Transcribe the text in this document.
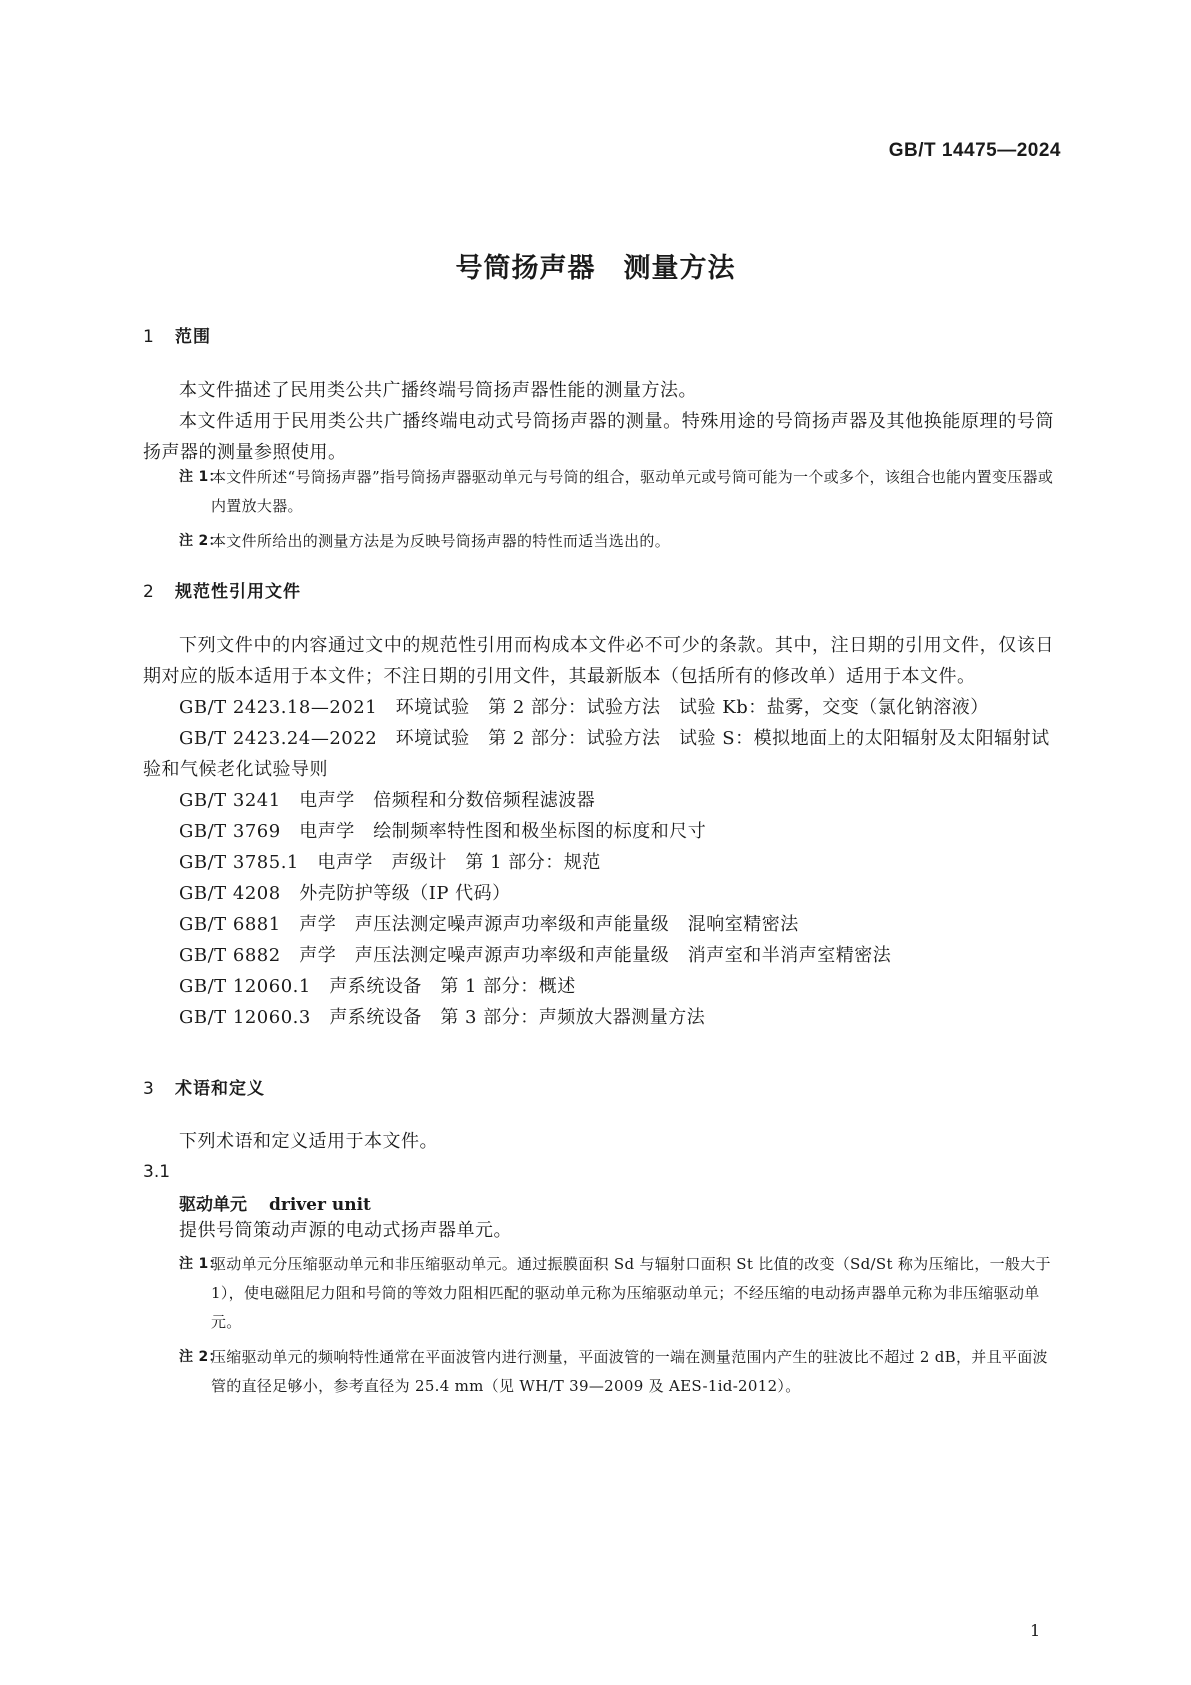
GB/T 14475—2024
号筒扬声器　测量方法
1 范围

本文件描述了民用类公共广播终端号筒扬声器性能的测量方法。

本文件适用于民用类公共广播终端电动式号筒扬声器的测量。特殊用途的号筒扬声器及其他换能原理的号筒扬声器的测量参照使用。

注 1：
本文件所述“号筒扬声器”指号筒扬声器驱动单元与号筒的组合，驱动单元或号筒可能为一个或多个，该组合也能内置变压器或内置放大器。
注 2：
本文件所给出的测量方法是为反映号筒扬声器的特性而适当选出的。
2 规范性引用文件

下列文件中的内容通过文中的规范性引用而构成本文件必不可少的条款。其中，注日期的引用文件，仅该日期对应的版本适用于本文件；不注日期的引用文件，其最新版本（包括所有的修改单）适用于本文件。

GB/T 2423.18—2021　环境试验　第 2 部分：试验方法　试验 Kb：盐雾，交变（氯化钠溶液）

GB/T 2423.24—2022　环境试验　第 2 部分：试验方法　试验 S：模拟地面上的太阳辐射及太阳辐射试验和气候老化试验导则

GB/T 3241　电声学　倍频程和分数倍频程滤波器

GB/T 3769　电声学　绘制频率特性图和极坐标图的标度和尺寸

GB/T 3785.1　电声学　声级计　第 1 部分：规范

GB/T 4208　外壳防护等级（IP 代码）

GB/T 6881　声学　声压法测定噪声源声功率级和声能量级　混响室精密法

GB/T 6882　声学　声压法测定噪声源声功率级和声能量级　消声室和半消声室精密法

GB/T 12060.1　声系统设备　第 1 部分：概述

GB/T 12060.3　声系统设备　第 3 部分：声频放大器测量方法

3 术语和定义

下列术语和定义适用于本文件。

3.1
驱动单元 driver unit

提供号筒策动声源的电动式扬声器单元。

注 1：
驱动单元分压缩驱动单元和非压缩驱动单元。通过振膜面积 Sd 与辐射口面积 St 比值的改变（Sd/St 称为压缩比，一般大于 1），使电磁阻尼力阻和号筒的等效力阻相匹配的驱动单元称为压缩驱动单元；不经压缩的电动扬声器单元称为非压缩驱动单元。
注 2：
压缩驱动单元的频响特性通常在平面波管内进行测量，平面波管的一端在测量范围内产生的驻波比不超过 2 dB，并且平面波管的直径足够小，参考直径为 25.4 mm（见 WH/T 39—2009 及 AES-1id-2012）。
1
